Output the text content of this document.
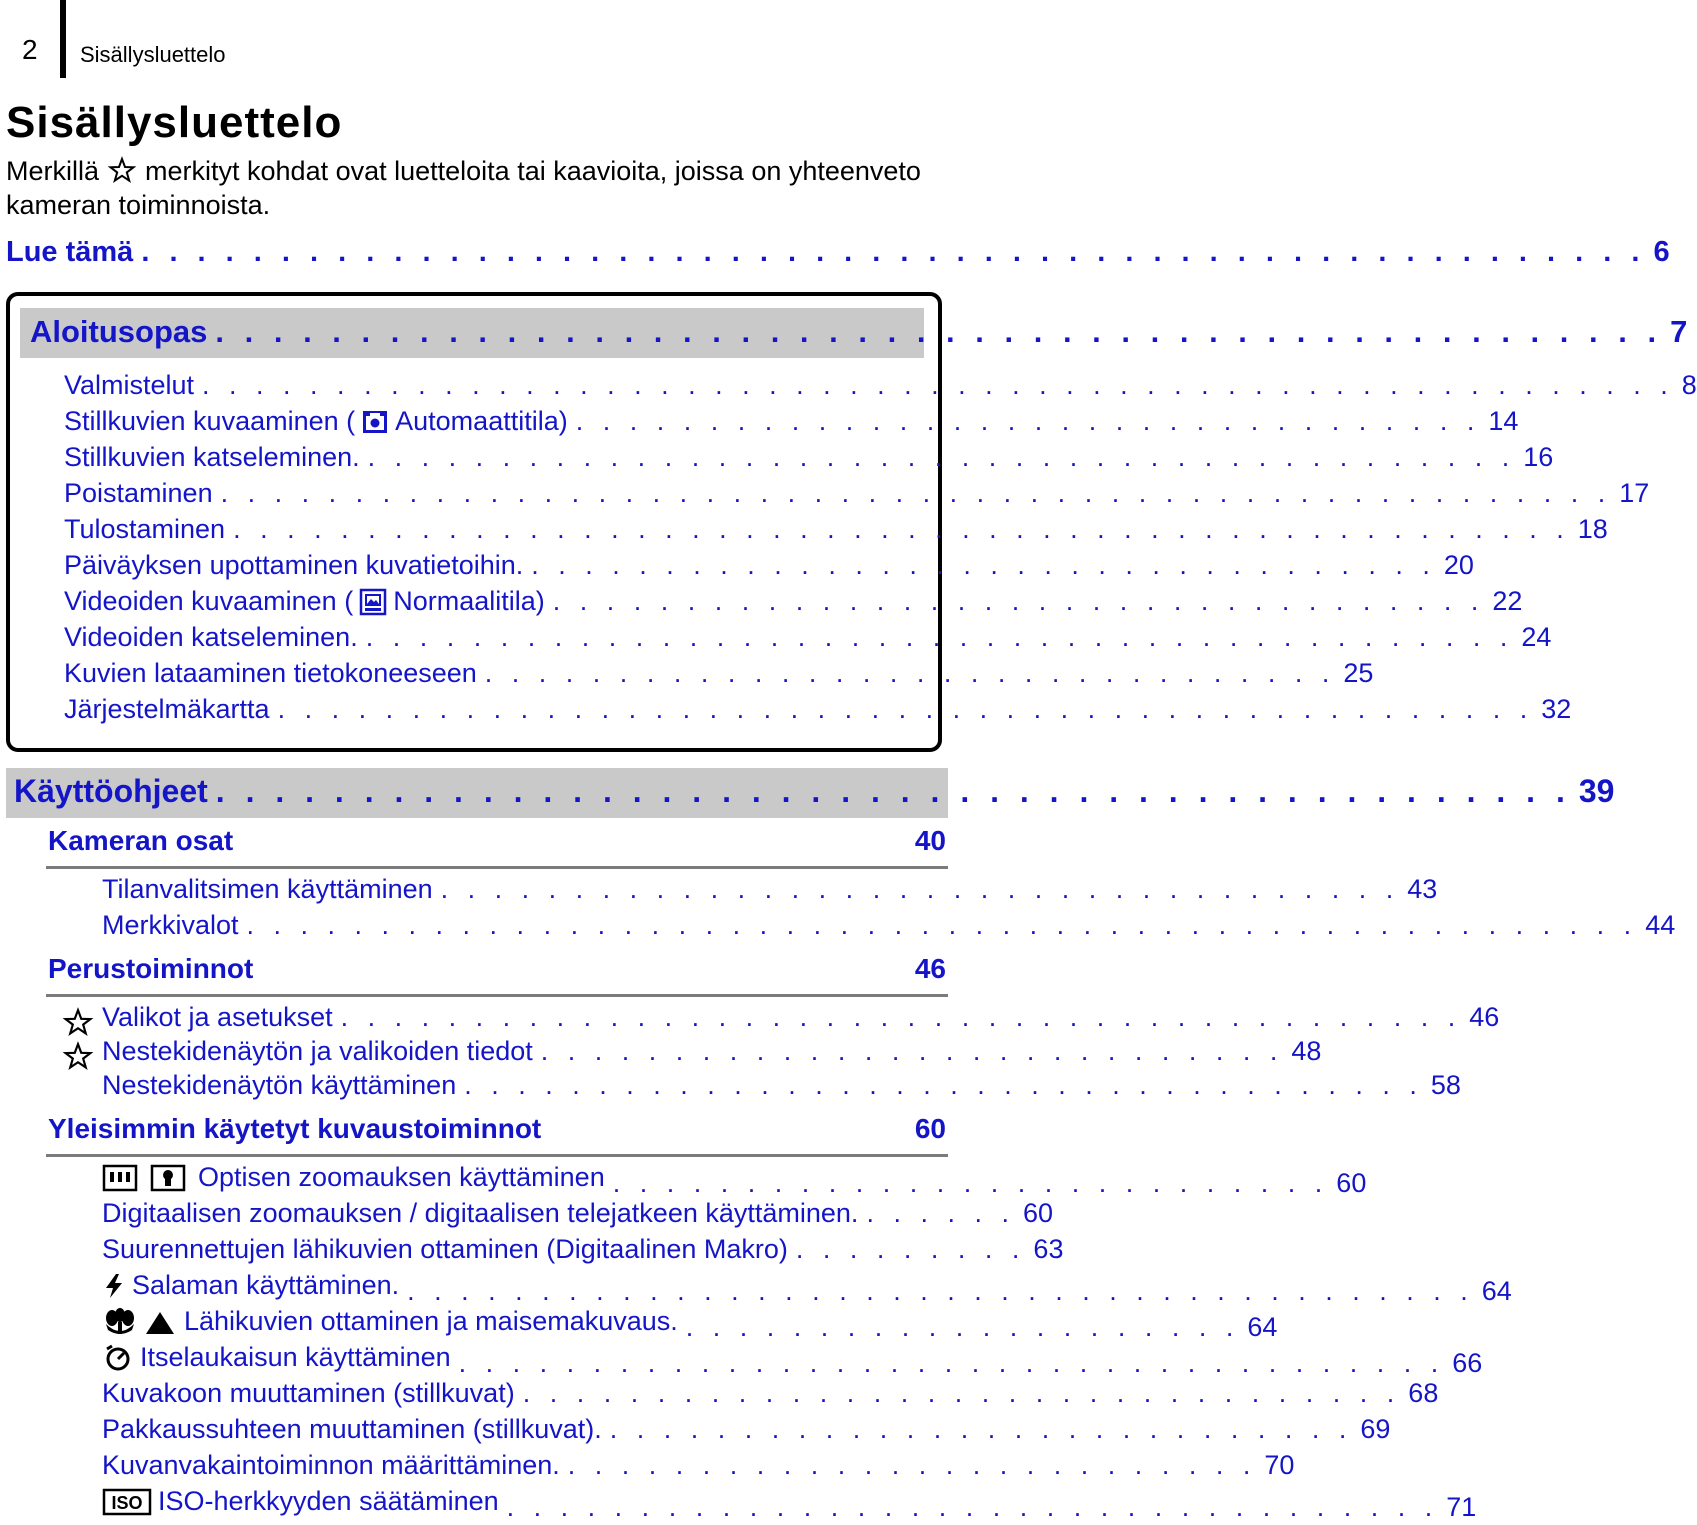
2 Sisällysluettelo
Sisällysluettelo
Merkillä merkityt kohdat ovat luetteloita tai kaavioita, joissa on yhteenveto kameran toiminnoista.
Lue tämä . . . . . . . . . . . . . . . . . . . . . . . . . . . . . . . . . . . . . . . . . . . . . . . . . . . . . . 6
Aloitusopas . . . . . . . . . . . . . . . . . . . . . . . . . . . . . . . . . . . . . . . . . . . . . . . . . . 7
Valmistelut . . . . . . . . . . . . . . . . . . . . . . . . . . . . . . . . . . . . . . . . . . . . . . . . . . . . . . . 8
Stillkuvien kuvaaminen ( Automaattitila) . . . . . . . . . . . . . . . . . . . . . . . . . . . . . . . . . . 14
Stillkuvien katseleminen. . . . . . . . . . . . . . . . . . . . . . . . . . . . . . . . . . . . . . . . . . . . 16
Poistaminen . . . . . . . . . . . . . . . . . . . . . . . . . . . . . . . . . . . . . . . . . . . . . . . . . . . . 17
Tulostaminen . . . . . . . . . . . . . . . . . . . . . . . . . . . . . . . . . . . . . . . . . . . . . . . . . . 18
Päiväyksen upottaminen kuvatietoihin. . . . . . . . . . . . . . . . . . . . . . . . . . . . . . . . . . . 20
Videoiden kuvaaminen ( Normaalitila) . . . . . . . . . . . . . . . . . . . . . . . . . . . . . . . . . . . 22
Videoiden katseleminen. . . . . . . . . . . . . . . . . . . . . . . . . . . . . . . . . . . . . . . . . . . . 24
Kuvien lataaminen tietokoneeseen . . . . . . . . . . . . . . . . . . . . . . . . . . . . . . . . 25
Järjestelmäkartta . . . . . . . . . . . . . . . . . . . . . . . . . . . . . . . . . . . . . . . . . . . . . . . 32
Käyttöohjeet . . . . . . . . . . . . . . . . . . . . . . . . . . . . . . . . . . . . . . . . . . . . . . 39
Kameran osat	40
Tilanvalitsimen käyttäminen . . . . . . . . . . . . . . . . . . . . . . . . . . . . . . . . . . . . 43
Merkkivalot . . . . . . . . . . . . . . . . . . . . . . . . . . . . . . . . . . . . . . . . . . . . . . . . . . . . 44
Perustoiminnot	46
Valikot ja asetukset . . . . . . . . . . . . . . . . . . . . . . . . . . . . . . . . . . . . . . . . . . 46
Nestekidenäytön ja valikoiden tiedot . . . . . . . . . . . . . . . . . . . . . . . . . . . . 48
Nestekidenäytön käyttäminen . . . . . . . . . . . . . . . . . . . . . . . . . . . . . . . . . . . . 58
Yleisimmin käytetyt kuvaustoiminnot	60
Optisen zoomauksen käyttäminen . . . . . . . . . . . . . . . . . . . . . . . . . . . 60
Digitaalisen zoomauksen / digitaalisen telejatkeen käyttäminen. . . . . . . 60
Suurennettujen lähikuvien ottaminen (Digitaalinen Makro) . . . . . . . . . 63
Salaman käyttäminen. . . . . . . . . . . . . . . . . . . . . . . . . . . . . . . . . . . . . . . . . 64
Lähikuvien ottaminen ja maisemakuvaus. . . . . . . . . . . . . . . . . . . . . . 64
Itselaukaisun käyttäminen . . . . . . . . . . . . . . . . . . . . . . . . . . . . . . . . . . . . . 66
Kuvakoon muuttaminen (stillkuvat) . . . . . . . . . . . . . . . . . . . . . . . . . . . . . . . . . 68
Pakkaussuhteen muuttaminen (stillkuvat). . . . . . . . . . . . . . . . . . . . . . . . . . . . . 69
Kuvanvakaintoiminnon määrittäminen. . . . . . . . . . . . . . . . . . . . . . . . . . . 70
ISO ISO-herkkyyden säätäminen . . . . . . . . . . . . . . . . . . . . . . . . . . . . . . . . . . . 71
